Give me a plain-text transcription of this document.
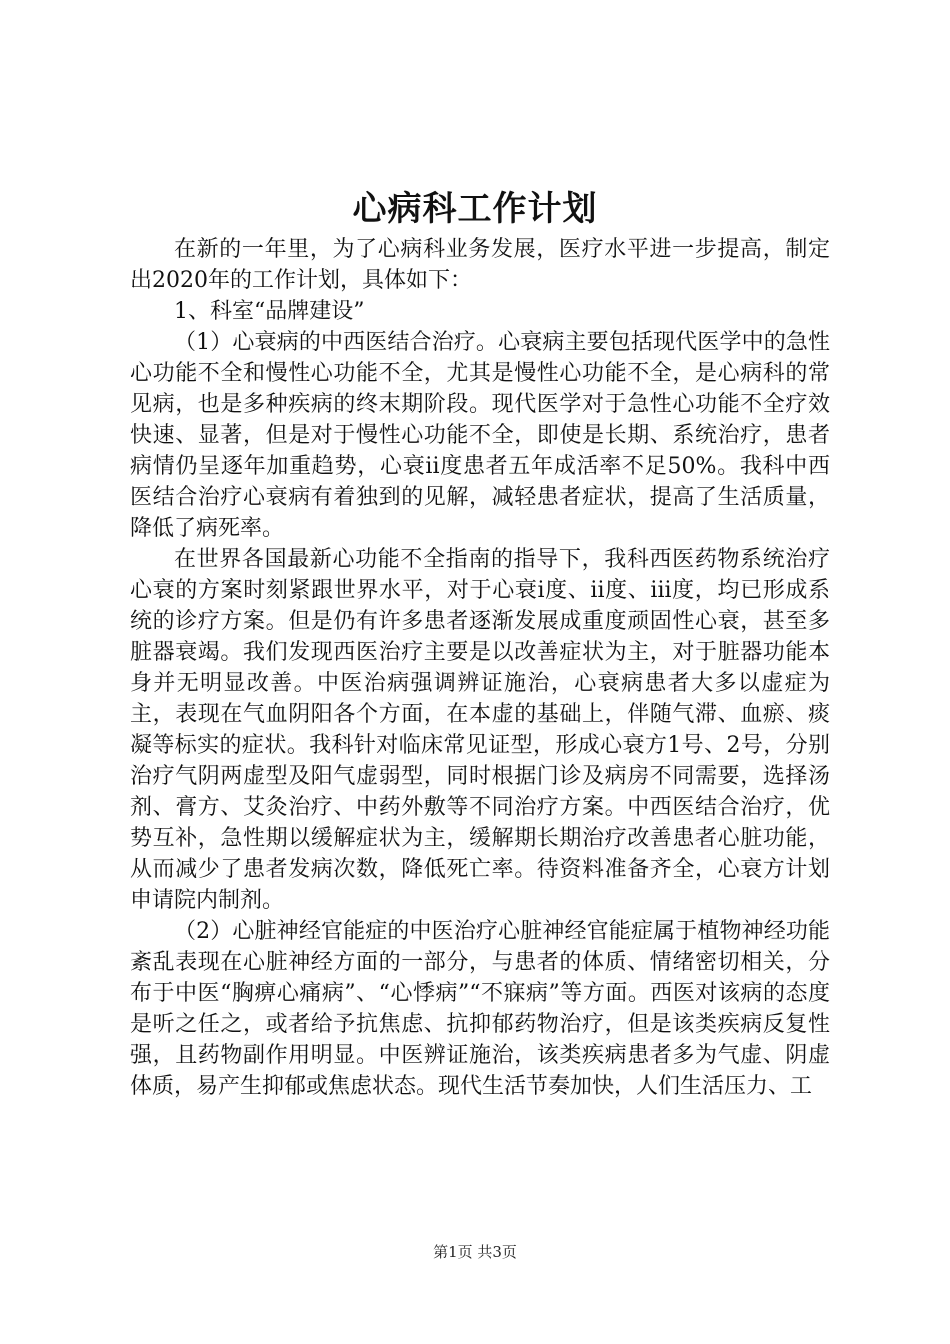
心病科工作计划

在新的一年里，为了心病科业务发展，医疗水平进一步提高，制定出2020年的工作计划，具体如下：

1、科室“品牌建设”

（1）心衰病的中西医结合治疗。心衰病主要包括现代医学中的急性心功能不全和慢性心功能不全，尤其是慢性心功能不全，是心病科的常见病，也是多种疾病的终末期阶段。现代医学对于急性心功能不全疗效快速、显著，但是对于慢性心功能不全，即使是长期、系统治疗，患者病情仍呈逐年加重趋势，心衰ii度患者五年成活率不足50%。我科中西医结合治疗心衰病有着独到的见解，减轻患者症状，提高了生活质量，降低了病死率。

在世界各国最新心功能不全指南的指导下，我科西医药物系统治疗心衰的方案时刻紧跟世界水平，对于心衰i度、ii度、iii度，均已形成系统的诊疗方案。但是仍有许多患者逐渐发展成重度顽固性心衰，甚至多脏器衰竭。我们发现西医治疗主要是以改善症状为主，对于脏器功能本身并无明显改善。中医治病强调辨证施治，心衰病患者大多以虚症为主，表现在气血阴阳各个方面，在本虚的基础上，伴随气滞、血瘀、痰凝等标实的症状。我科针对临床常见证型，形成心衰方1号、2号，分别治疗气阴两虚型及阳气虚弱型，同时根据门诊及病房不同需要，选择汤剂、膏方、艾灸治疗、中药外敷等不同治疗方案。中西医结合治疗，优势互补，急性期以缓解症状为主，缓解期长期治疗改善患者心脏功能，从而减少了患者发病次数，降低死亡率。待资料准备齐全，心衰方计划申请院内制剂。

（2）心脏神经官能症的中医治疗心脏神经官能症属于植物神经功能紊乱表现在心脏神经方面的一部分，与患者的体质、情绪密切相关，分布于中医“胸痹心痛病”、“心悸病”“不寐病”等方面。西医对该病的态度是听之任之，或者给予抗焦虑、抗抑郁药物治疗，但是该类疾病反复性强，且药物副作用明显。中医辨证施治，该类疾病患者多为气虚、阴虚体质，易产生抑郁或焦虑状态。现代生活节奏加快，人们生活压力、工

第1页 共3页
